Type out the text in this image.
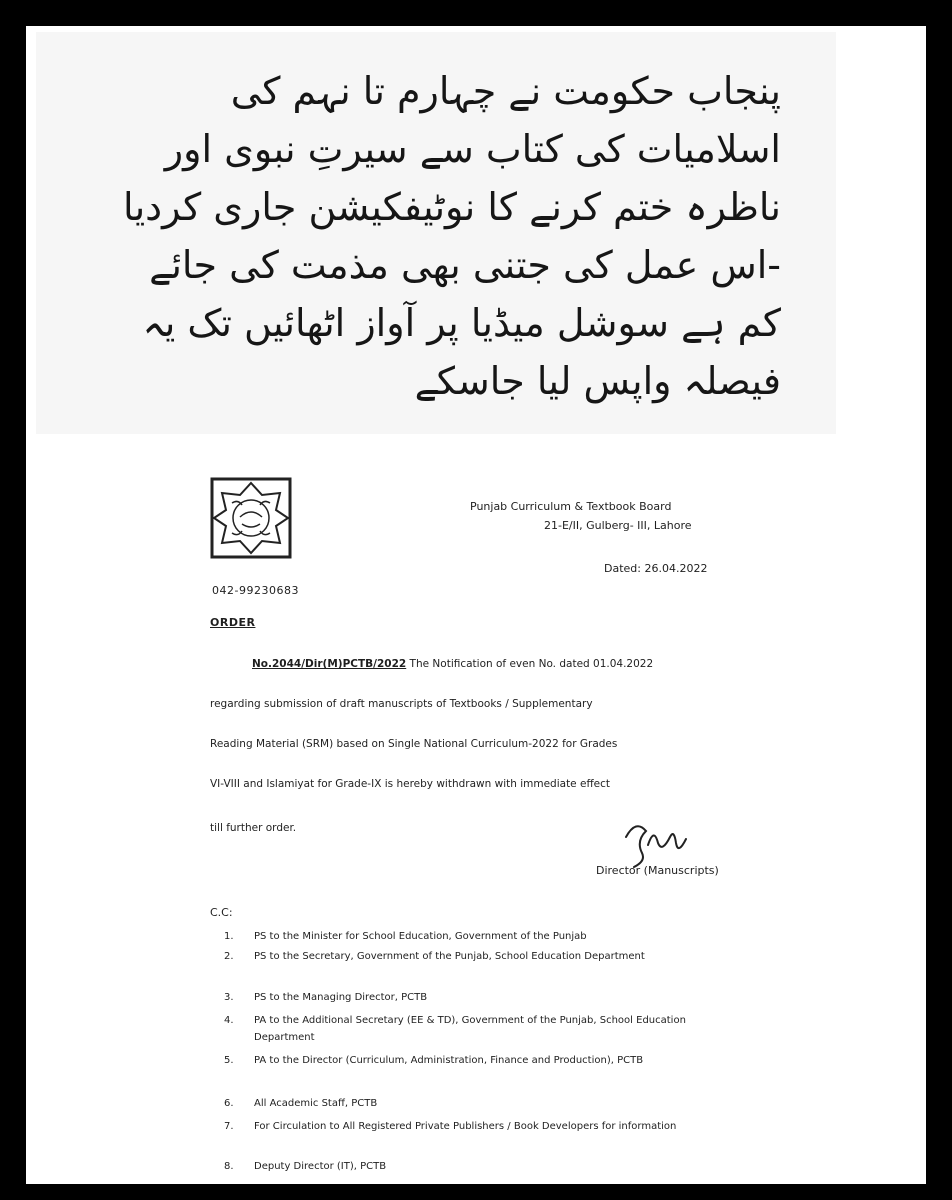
پنجاب حکومت نے چہارم تا نہم کی
اسلامیات کی کتاب سے سیرتِ نبوی اور
ناظرہ ختم کرنے کا نوٹیفکیشن جاری کردیا
-اس عمل کی جتنی بھی مذمت کی جائے
کم ہے سوشل میڈیا پر آواز اٹھائیں تک یہ
فیصلہ واپس لیا جاسکے
Punjab Curriculum & Textbook Board
21-E/II, Gulberg- III, Lahore
042-99230683
Dated: 26.04.2022
ORDER
No.2044/Dir(M)PCTB/2022 The Notification of even No. dated 01.04.2022
regarding submission of draft manuscripts of Textbooks / Supplementary
Reading Material (SRM) based on Single National Curriculum-2022 for Grades
VI-VIII and Islamiyat for Grade-IX is hereby withdrawn with immediate effect
till further order.
Director (Manuscripts)
C.C:
1.	PS to the Minister for School Education, Government of the Punjab
2.	PS to the Secretary, Government of the Punjab, School Education Department
3.	PS to the Managing Director, PCTB
4.	PA to the Additional Secretary (EE & TD), Government of the Punjab, School Education Department
5.	PA to the Director (Curriculum, Administration, Finance and Production), PCTB
6.	All Academic Staff, PCTB
7.	For Circulation to All Registered Private Publishers / Book Developers for information
8.	Deputy Director (IT), PCTB
